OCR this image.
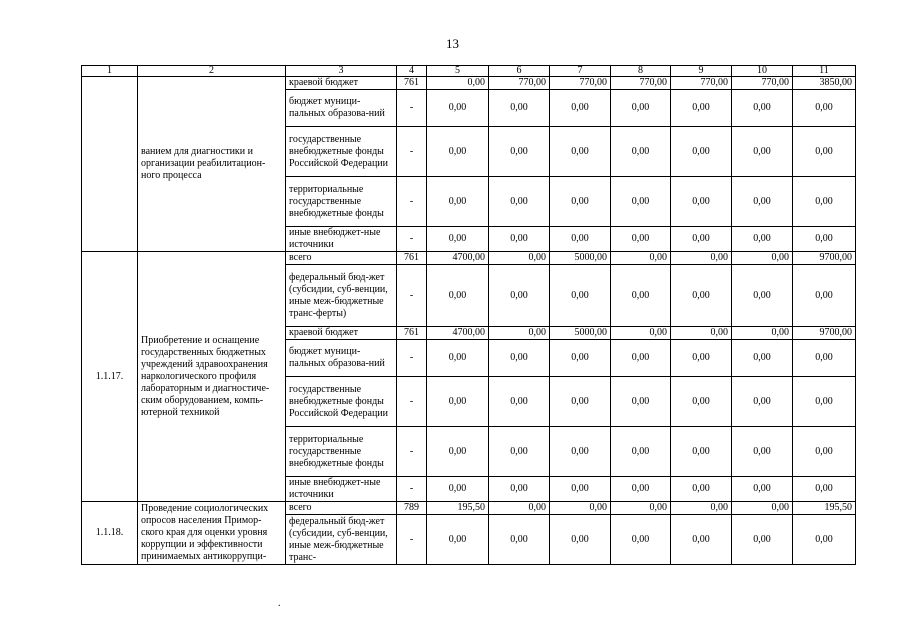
13
1	2	3	4	5	6	7	8	9	10	11
	ванием для диагностики и организации реабилитацион-ного процесса	краевой бюджет	761	0,00	770,00	770,00	770,00	770,00	770,00	3850,00
		бюджет муници-пальных образова-ний	-	0,00	0,00	0,00	0,00	0,00	0,00	0,00
		государственные внебюджетные фонды Российской Федерации	-	0,00	0,00	0,00	0,00	0,00	0,00	0,00
		территориальные государственные внебюджетные фонды	-	0,00	0,00	0,00	0,00	0,00	0,00	0,00
		иные внебюджет-ные источники	-	0,00	0,00	0,00	0,00	0,00	0,00	0,00
1.1.17.	Приобретение и оснащение государственных бюджетных учреждений здравоохранения наркологического профиля лабораторным и диагностиче-ским оборудованием, компь-ютерной техникой	всего	761	4700,00	0,00	5000,00	0,00	0,00	0,00	9700,00
		федеральный бюд-жет (субсидии, суб-венции, иные меж-бюджетные транс-ферты)	-	0,00	0,00	0,00	0,00	0,00	0,00	0,00
		краевой бюджет	761	4700,00	0,00	5000,00	0,00	0,00	0,00	9700,00
		бюджет муници-пальных образова-ний	-	0,00	0,00	0,00	0,00	0,00	0,00	0,00
		государственные внебюджетные фонды Российской Федерации	-	0,00	0,00	0,00	0,00	0,00	0,00	0,00
		территориальные государственные внебюджетные фонды	-	0,00	0,00	0,00	0,00	0,00	0,00	0,00
		иные внебюджет-ные источники	-	0,00	0,00	0,00	0,00	0,00	0,00	0,00
1.1.18.	Проведение социологических опросов населения Примор-ского края для оценки уровня коррупции и эффективности принимаемых антикоррупци-	всего	789	195,50	0,00	0,00	0,00	0,00	0,00	195,50
		федеральный бюд-жет (субсидии, суб-венции, иные меж-бюджетные транс-	-	0,00	0,00	0,00	0,00	0,00	0,00	0,00
.
